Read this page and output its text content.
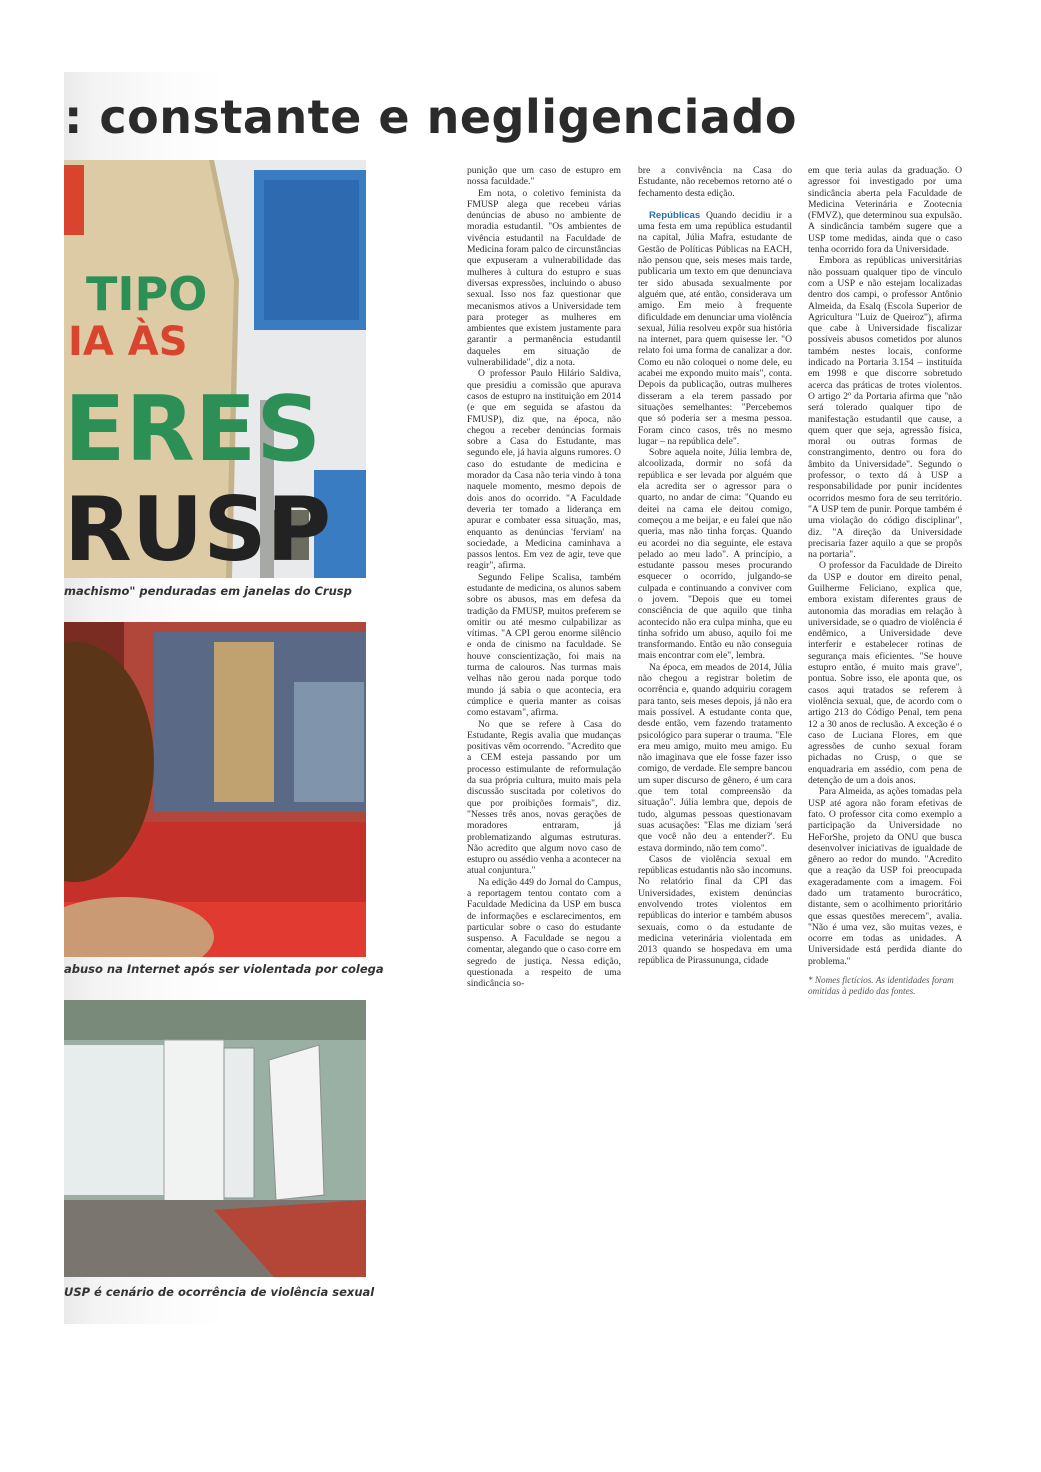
: constante e negligenciado
TIPO
IA ÀS
ERES
RUSP

machismo" penduradas em janelas do Crusp

abuso na Internet após ser violentada por colega

USP é cenário de ocorrência de violência sexual

punição que um caso de estupro em nossa faculdade."

Em nota, o coletivo feminista da FMUSP alega que recebeu várias denúncias de abuso no ambiente de moradia estudantil. "Os ambientes de vivência estudantil na Faculdade de Medicina foram palco de circunstâncias que expuseram a vulnerabilidade das mulheres à cultura do estupro e suas diversas expressões, incluindo o abuso sexual. Isso nos faz questionar que mecanismos ativos a Universidade tem para proteger as mulheres em ambientes que existem justamente para garantir a permanência estudantil daqueles em situação de vulnerabilidade", diz a nota.

O professor Paulo Hilário Saldiva, que presidiu a comissão que apurava casos de estupro na instituição em 2014 (e que em seguida se afastou da FMUSP), diz que, na época, não chegou a receber denúncias formais sobre a Casa do Estudante, mas segundo ele, já havia alguns rumores. O caso do estudante de medicina e morador da Casa não teria vindo à tona naquele momento, mesmo depois de dois anos do ocorrido. "A Faculdade deveria ter tomado a liderança em apurar e combater essa situação, mas, enquanto as denúncias 'ferviam' na sociedade, a Medicina caminhava a passos lentos. Em vez de agir, teve que reagir", afirma.

Segundo Felipe Scalisa, também estudante de medicina, os alunos sabem sobre os abusos, mas em defesa da tradição da FMUSP, muitos preferem se omitir ou até mesmo culpabilizar as vítimas. "A CPI gerou enorme silêncio e onda de cinismo na faculdade. Se houve conscientização, foi mais na turma de calouros. Nas turmas mais velhas não gerou nada porque todo mundo já sabia o que acontecia, era cúmplice e queria manter as coisas como estavam", afirma.

No que se refere à Casa do Estudante, Regis avalia que mudanças positivas vêm ocorrendo. "Acredito que a CEM esteja passando por um processo estimulante de reformulação da sua própria cultura, muito mais pela discussão suscitada por coletivos do que por proibições formais", diz. "Nesses três anos, novas gerações de moradores entraram, já problematizando algumas estruturas. Não acredito que algum novo caso de estupro ou assédio venha a acontecer na atual conjuntura."

Na edição 449 do Jornal do Campus, a reportagem tentou contato com a Faculdade Medicina da USP em busca de informações e esclarecimentos, em particular sobre o caso do estudante suspenso. A Faculdade se negou a comentar, alegando que o caso corre em segredo de justiça. Nessa edição, questionada a respeito de uma sindicância so-

bre a convivência na Casa do Estudante, não recebemos retorno até o fechamento desta edição.

Repúblicas Quando decidiu ir a uma festa em uma república estudantil na capital, Júlia Mafra, estudante de Gestão de Políticas Públicas na EACH, não pensou que, seis meses mais tarde, publicaria um texto em que denunciava ter sido abusada sexualmente por alguém que, até então, considerava um amigo. Em meio à frequente dificuldade em denunciar uma violência sexual, Júlia resolveu expôr sua história na internet, para quem quisesse ler. "O relato foi uma forma de canalizar a dor. Como eu não coloquei o nome dele, eu acabei me expondo muito mais", conta. Depois da publicação, outras mulheres disseram a ela terem passado por situações semelhantes: "Percebemos que só poderia ser a mesma pessoa. Foram cinco casos, três no mesmo lugar – na república dele".

Sobre aquela noite, Júlia lembra de, alcoolizada, dormir no sofá da república e ser levada por alguém que ela acredita ser o agressor para o quarto, no andar de cima: "Quando eu deitei na cama ele deitou comigo, começou a me beijar, e eu falei que não queria, mas não tinha forças. Quando eu acordei no dia seguinte, ele estava pelado ao meu lado". A princípio, a estudante passou meses procurando esquecer o ocorrido, julgando-se culpada e continuando a conviver com o jovem. "Depois que eu tomei consciência de que aquilo que tinha acontecido não era culpa minha, que eu tinha sofrido um abuso, aquilo foi me transformando. Então eu não conseguia mais encontrar com ele", lembra.

Na época, em meados de 2014, Júlia não chegou a registrar boletim de ocorrência e, quando adquiriu coragem para tanto, seis meses depois, já não era mais possível. A estudante conta que, desde então, vem fazendo tratamento psicológico para superar o trauma. "Ele era meu amigo, muito meu amigo. Eu não imaginava que ele fosse fazer isso comigo, de verdade. Ele sempre bancou um super discurso de gênero, é um cara que tem total compreensão da situação". Júlia lembra que, depois de tudo, algumas pessoas questionavam suas acusações: "Elas me diziam 'será que você não deu a entender?'. Eu estava dormindo, não tem como".

Casos de violência sexual em repúblicas estudantis não são incomuns. No relatório final da CPI das Universidades, existem denúncias envolvendo trotes violentos em repúblicas do interior e também abusos sexuais, como o da estudante de medicina veterinária violentada em 2013 quando se hospedava em uma república de Pirassununga, cidade

em que teria aulas da graduação. O agressor foi investigado por uma sindicância aberta pela Faculdade de Medicina Veterinária e Zootecnia (FMVZ), que determinou sua expulsão. A sindicância também sugere que a USP tome medidas, ainda que o caso tenha ocorrido fora da Universidade.

Embora as repúblicas universitárias não possuam qualquer tipo de vínculo com a USP e não estejam localizadas dentro dos campi, o professor Antônio Almeida, da Esalq (Escola Superior de Agricultura "Luiz de Queiroz"), afirma que cabe à Universidade fiscalizar possíveis abusos cometidos por alunos também nestes locais, conforme indicado na Portaria 3.154 – instituída em 1998 e que discorre sobretudo acerca das práticas de trotes violentos. O artigo 2º da Portaria afirma que "não será tolerado qualquer tipo de manifestação estudantil que cause, a quem quer que seja, agressão física, moral ou outras formas de constrangimento, dentro ou fora do âmbito da Universidade". Segundo o professor, o texto dá à USP a responsabilidade por punir incidentes ocorridos mesmo fora de seu território. "A USP tem de punir. Porque também é uma violação do código disciplinar", diz. "A direção da Universidade precisaria fazer aquilo a que se propôs na portaria".

O professor da Faculdade de Direito da USP e doutor em direito penal, Guilherme Feliciano, explica que, embora existam diferentes graus de autonomia das moradias em relação à universidade, se o quadro de violência é endêmico, a Universidade deve interferir e estabelecer rotinas de segurança mais eficientes. "Se houve estupro então, é muito mais grave", pontua. Sobre isso, ele aponta que, os casos aqui tratados se referem à violência sexual, que, de acordo com o artigo 213 do Código Penal, tem pena 12 a 30 anos de reclusão. A exceção é o caso de Luciana Flores, em que agressões de cunho sexual foram pichadas no Crusp, o que se enquadraria em assédio, com pena de detenção de um a dois anos.

Para Almeida, as ações tomadas pela USP até agora não foram efetivas de fato. O professor cita como exemplo a participação da Universidade no HeForShe, projeto da ONU que busca desenvolver iniciativas de igualdade de gênero ao redor do mundo. "Acredito que a reação da USP foi preocupada exageradamente com a imagem. Foi dado um tratamento burocrático, distante, sem o acolhimento prioritário que essas questões merecem", avalia. "Não é uma vez, são muitas vezes, e ocorre em todas as unidades. A Universidade está perdida diante do problema."

* Nomes fictícios. As identidades foram omitidas à pedido das fontes.
